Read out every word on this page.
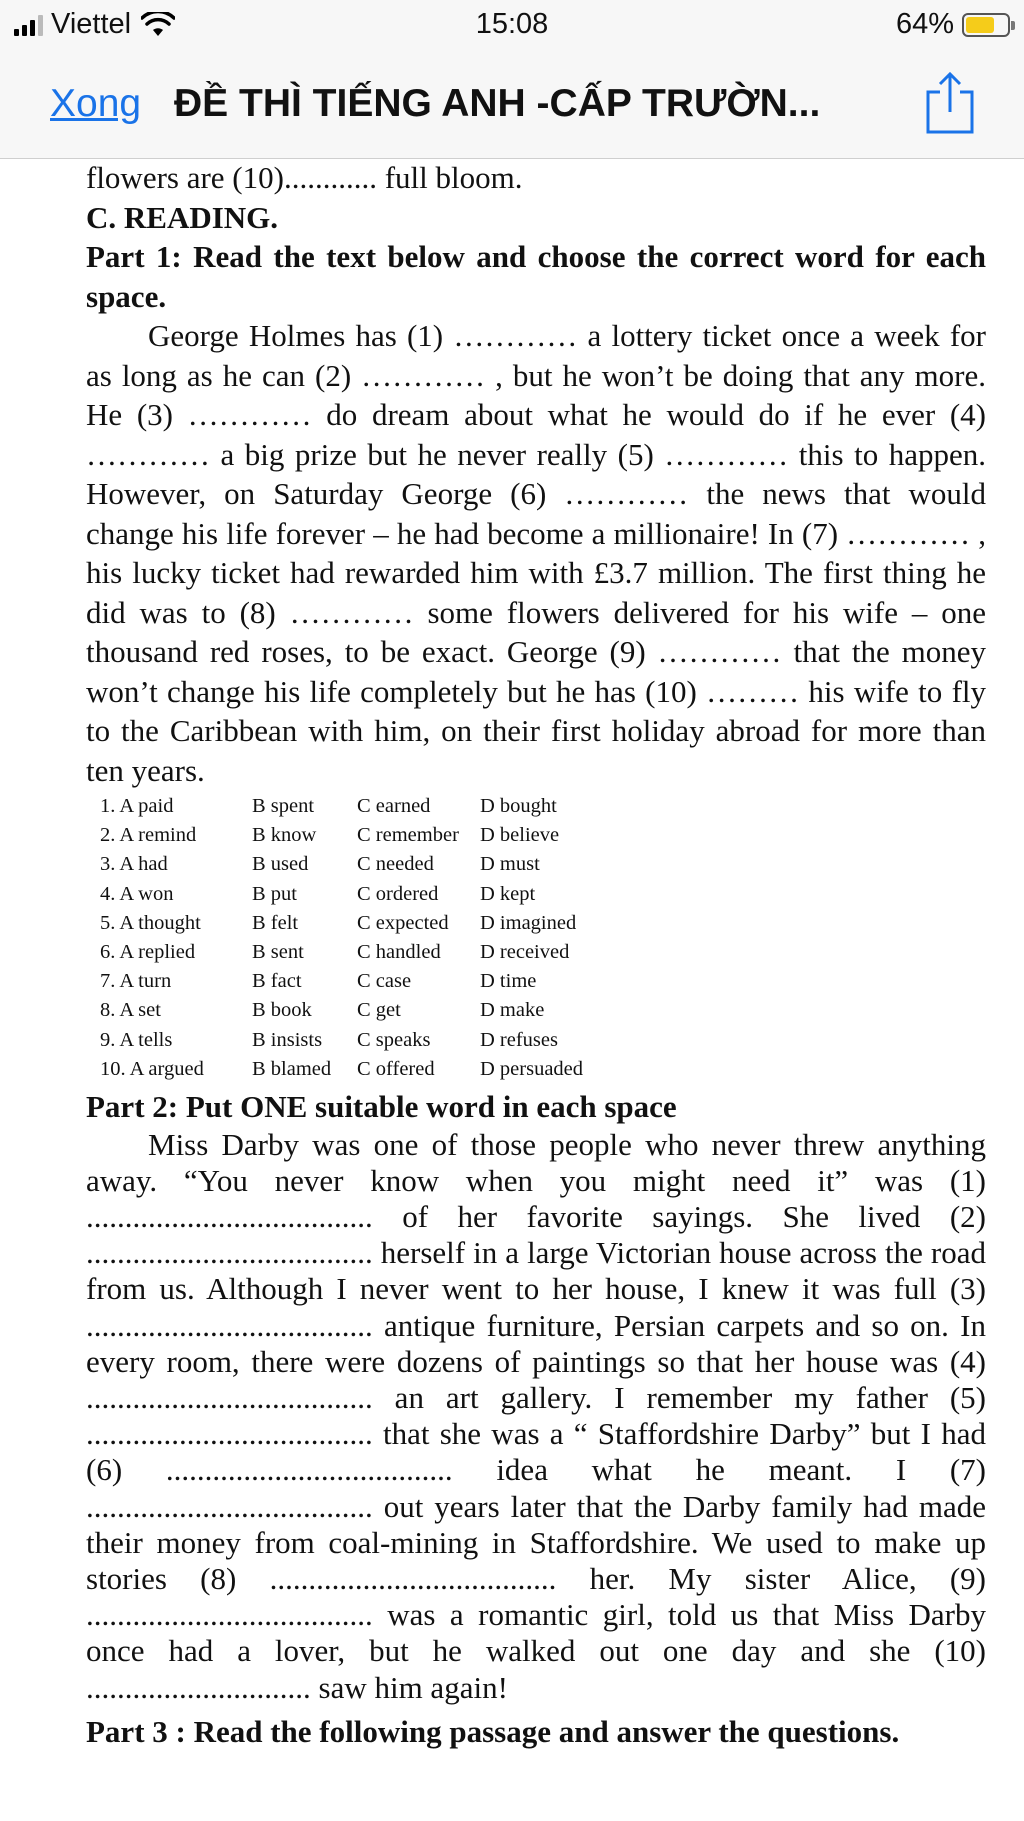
Viettel	15:08	64%
Xong ĐỀ THÌ TIẾNG ANH -CẤP TRƯỜN...

flowers are (10)............ full bloom.

C. READING.

Part 1: Read the text below and choose the correct word for each space.

George Holmes has (1) ………… a lottery ticket once a week for as long as he can (2) ………… , but he won’t be doing that any more. He (3) ………… do dream about what he would do if he ever (4) ………… a big prize but he never really (5) ………… this to happen. However, on Saturday George (6) ………… the news that would change his life forever – he had become a millionaire! In (7) ………… , his lucky ticket had rewarded him with £3.7 million. The first thing he did was to (8) ………… some flowers delivered for his wife – one thousand red roses, to be exact. George (9) ………… that the money won’t change his life completely but he has (10) ……… his wife to fly to the Caribbean with him, on their first holiday abroad for more than ten years.

1. A paid	B spent	C earned	D bought
2. A remind	B know	C remember	D believe
3. A had	B used	C needed	D must
4. A won	B put	C ordered	D kept
5. A thought	B felt	C expected	D imagined
6. A replied	B sent	C handled	D received
7. A turn	B fact	C case	D time
8. A set	B book	C get	D make
9. A tells	B insists	C speaks	D refuses
10. A argued	B blamed	C offered	D persuaded

Part 2: Put ONE suitable word in each space

Miss Darby was one of those people who never threw anything away. “You never know when you might need it” was (1) ..................................... of her favorite sayings. She lived (2) ..................................... herself in a large Victorian house across the road from us. Although I never went to her house, I knew it was full (3) ..................................... antique furniture, Persian carpets and so on. In every room, there were dozens of paintings so that her house was (4) ..................................... an art gallery. I remember my father (5) ..................................... that she was a “ Staffordshire Darby” but I had (6) ..................................... idea what he meant. I (7) ..................................... out years later that the Darby family had made their money from coal-mining in Staffordshire. We used to make up stories (8) ..................................... her. My sister Alice, (9) ..................................... was a romantic girl, told us that Miss Darby once had a lover, but he walked out one day and she (10) ............................. saw him again!

Part 3 : Read the following passage and answer the questions.
